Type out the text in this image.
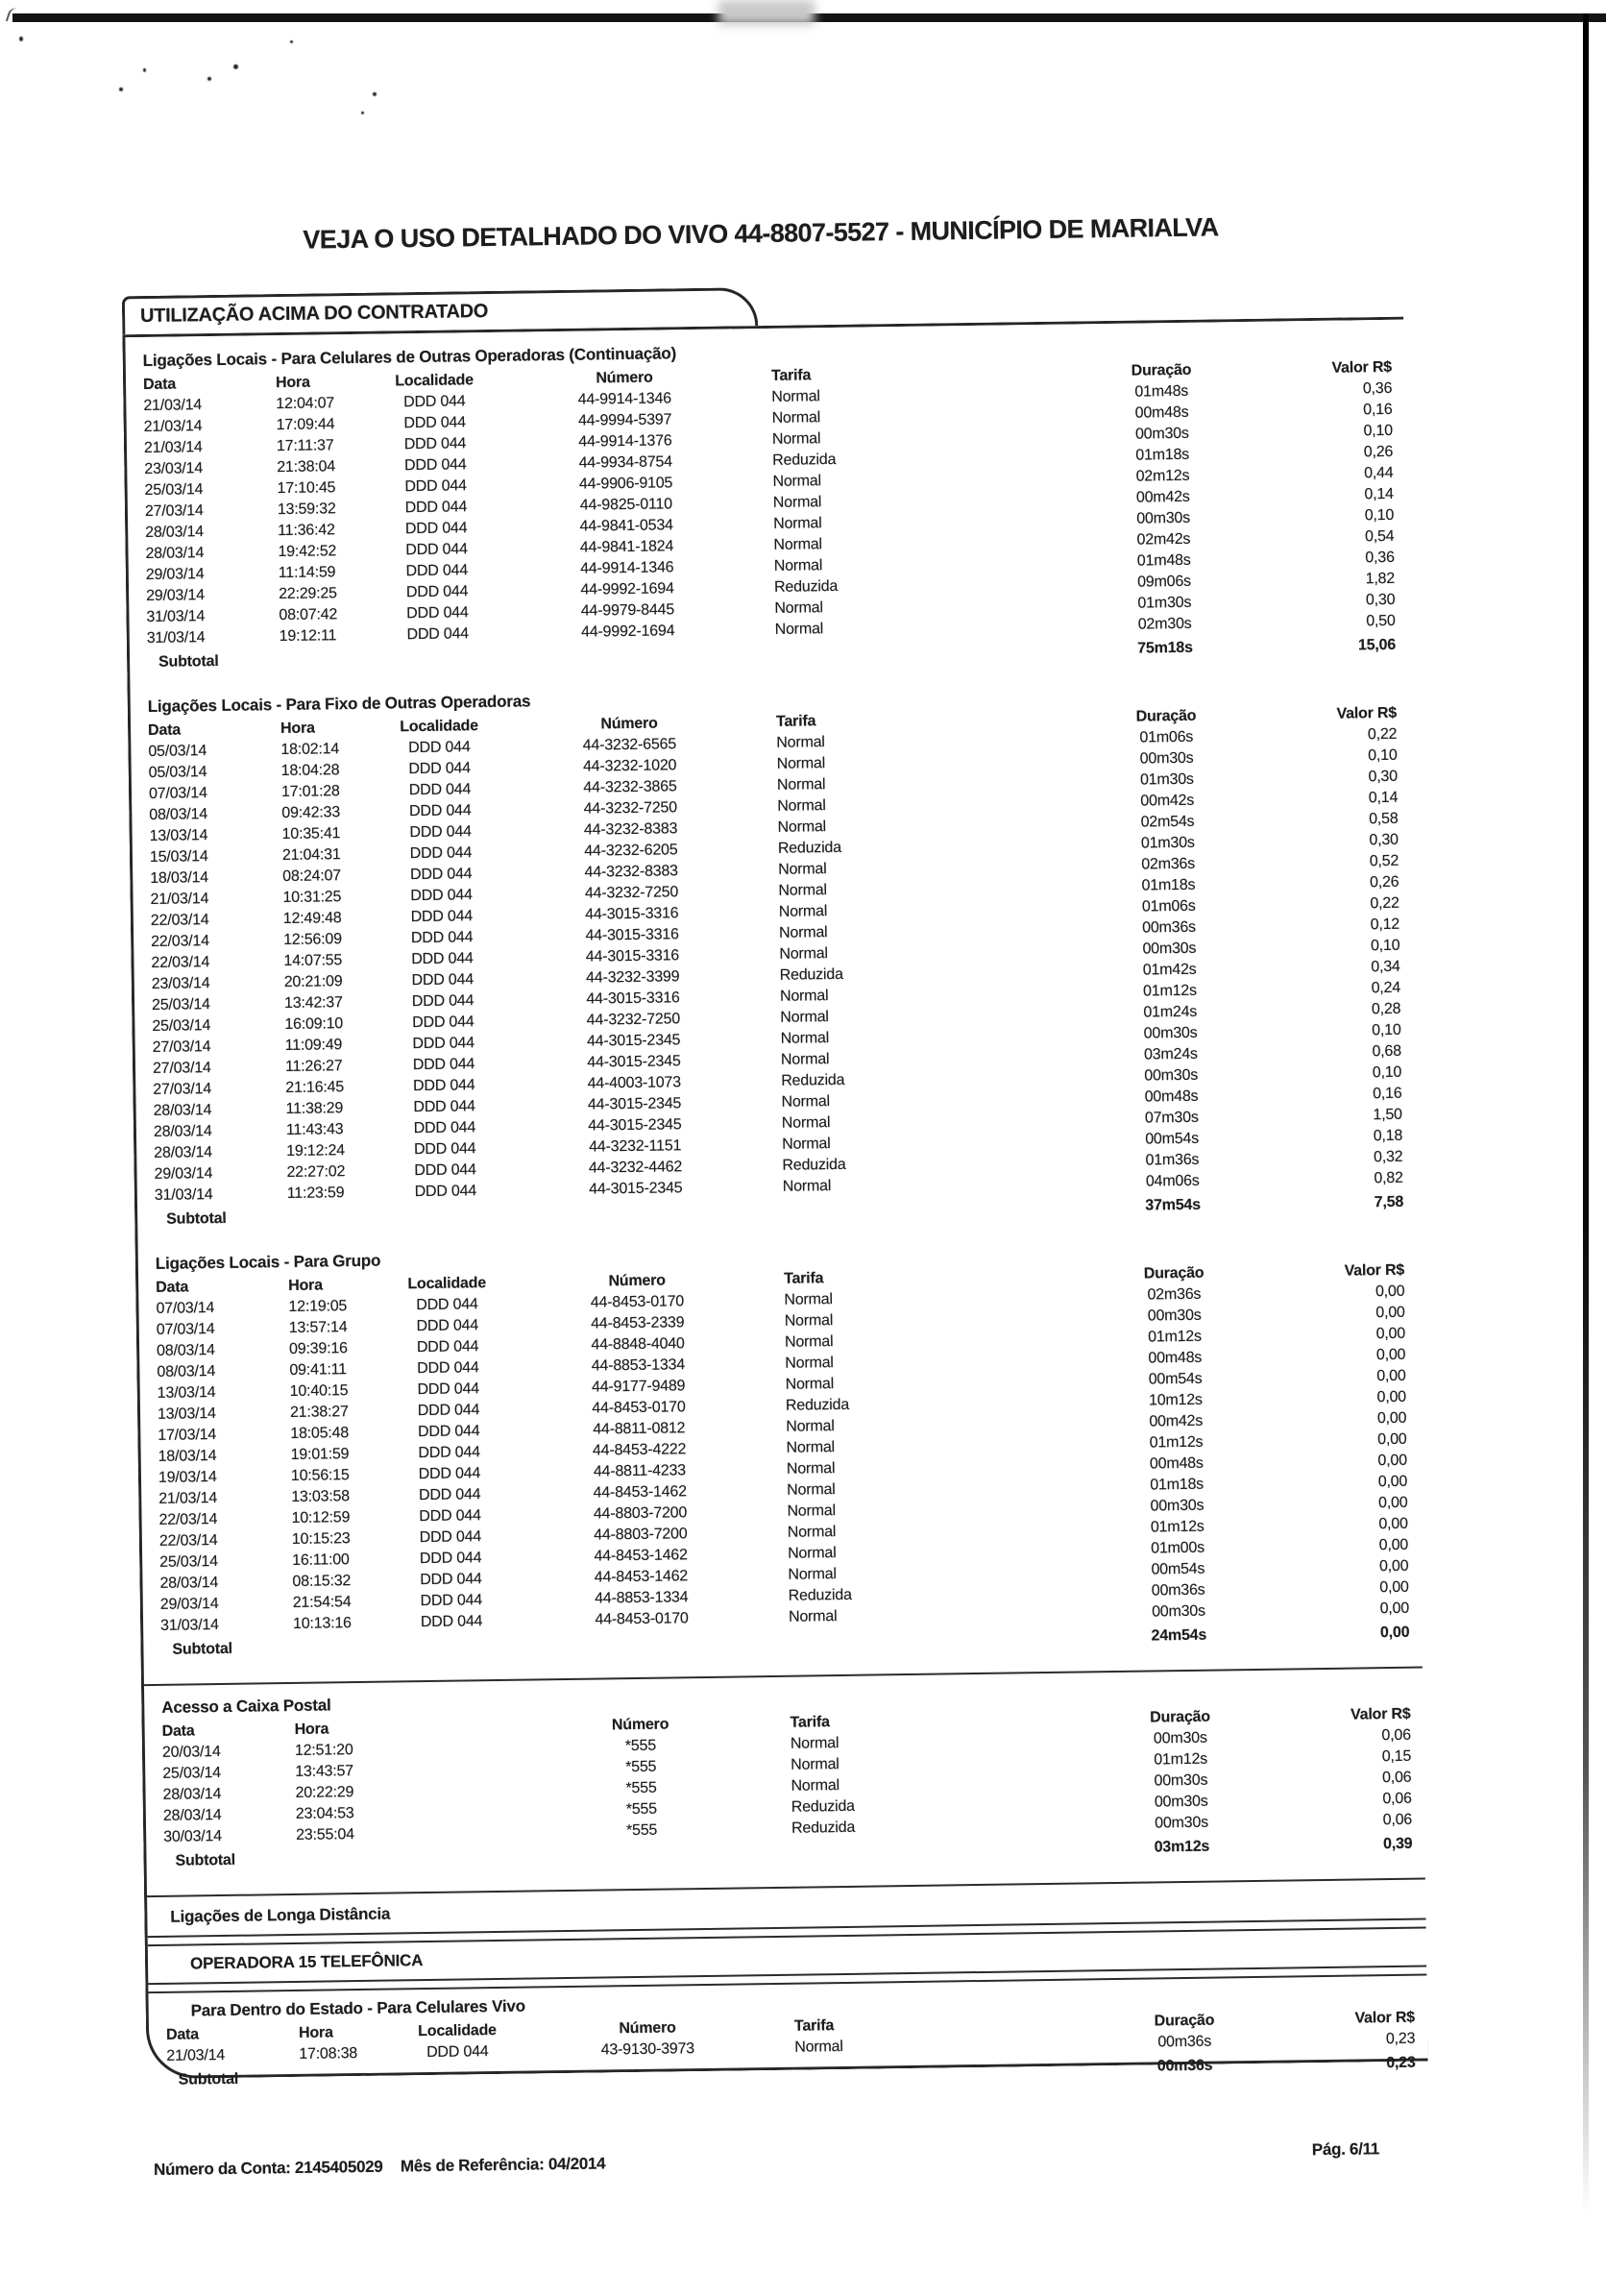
VEJA O USO DETALHADO DO VIVO 44-8807-5527 - MUNICÍPIO DE MARIALVA
UTILIZAÇÃO ACIMA DO CONTRATADO
Ligações Locais - Para Celulares de Outras Operadoras (Continuação)
Data	Hora	Localidade	Número	Tarifa	Duração	Valor R$
21/03/14	12:04:07	DDD 044	44-9914-1346	Normal	01m48s	0,36
21/03/14	17:09:44	DDD 044	44-9994-5397	Normal	00m48s	0,16
21/03/14	17:11:37	DDD 044	44-9914-1376	Normal	00m30s	0,10
23/03/14	21:38:04	DDD 044	44-9934-8754	Reduzida	01m18s	0,26
25/03/14	17:10:45	DDD 044	44-9906-9105	Normal	02m12s	0,44
27/03/14	13:59:32	DDD 044	44-9825-0110	Normal	00m42s	0,14
28/03/14	11:36:42	DDD 044	44-9841-0534	Normal	00m30s	0,10
28/03/14	19:42:52	DDD 044	44-9841-1824	Normal	02m42s	0,54
29/03/14	11:14:59	DDD 044	44-9914-1346	Normal	01m48s	0,36
29/03/14	22:29:25	DDD 044	44-9992-1694	Reduzida	09m06s	1,82
31/03/14	08:07:42	DDD 044	44-9979-8445	Normal	01m30s	0,30
31/03/14	19:12:11	DDD 044	44-9992-1694	Normal	02m30s	0,50
Subtotal
75m18s	15,06
Ligações Locais - Para Fixo de Outras Operadoras
Data	Hora	Localidade	Número	Tarifa	Duração	Valor R$
05/03/14	18:02:14	DDD 044	44-3232-6565	Normal	01m06s	0,22
05/03/14	18:04:28	DDD 044	44-3232-1020	Normal	00m30s	0,10
07/03/14	17:01:28	DDD 044	44-3232-3865	Normal	01m30s	0,30
08/03/14	09:42:33	DDD 044	44-3232-7250	Normal	00m42s	0,14
13/03/14	10:35:41	DDD 044	44-3232-8383	Normal	02m54s	0,58
15/03/14	21:04:31	DDD 044	44-3232-6205	Reduzida	01m30s	0,30
18/03/14	08:24:07	DDD 044	44-3232-8383	Normal	02m36s	0,52
21/03/14	10:31:25	DDD 044	44-3232-7250	Normal	01m18s	0,26
22/03/14	12:49:48	DDD 044	44-3015-3316	Normal	01m06s	0,22
22/03/14	12:56:09	DDD 044	44-3015-3316	Normal	00m36s	0,12
22/03/14	14:07:55	DDD 044	44-3015-3316	Normal	00m30s	0,10
23/03/14	20:21:09	DDD 044	44-3232-3399	Reduzida	01m42s	0,34
25/03/14	13:42:37	DDD 044	44-3015-3316	Normal	01m12s	0,24
25/03/14	16:09:10	DDD 044	44-3232-7250	Normal	01m24s	0,28
27/03/14	11:09:49	DDD 044	44-3015-2345	Normal	00m30s	0,10
27/03/14	11:26:27	DDD 044	44-3015-2345	Normal	03m24s	0,68
27/03/14	21:16:45	DDD 044	44-4003-1073	Reduzida	00m30s	0,10
28/03/14	11:38:29	DDD 044	44-3015-2345	Normal	00m48s	0,16
28/03/14	11:43:43	DDD 044	44-3015-2345	Normal	07m30s	1,50
28/03/14	19:12:24	DDD 044	44-3232-1151	Normal	00m54s	0,18
29/03/14	22:27:02	DDD 044	44-3232-4462	Reduzida	01m36s	0,32
31/03/14	11:23:59	DDD 044	44-3015-2345	Normal	04m06s	0,82
Subtotal
37m54s	7,58
Ligações Locais - Para Grupo
Data	Hora	Localidade	Número	Tarifa	Duração	Valor R$
07/03/14	12:19:05	DDD 044	44-8453-0170	Normal	02m36s	0,00
07/03/14	13:57:14	DDD 044	44-8453-2339	Normal	00m30s	0,00
08/03/14	09:39:16	DDD 044	44-8848-4040	Normal	01m12s	0,00
08/03/14	09:41:11	DDD 044	44-8853-1334	Normal	00m48s	0,00
13/03/14	10:40:15	DDD 044	44-9177-9489	Normal	00m54s	0,00
13/03/14	21:38:27	DDD 044	44-8453-0170	Reduzida	10m12s	0,00
17/03/14	18:05:48	DDD 044	44-8811-0812	Normal	00m42s	0,00
18/03/14	19:01:59	DDD 044	44-8453-4222	Normal	01m12s	0,00
19/03/14	10:56:15	DDD 044	44-8811-4233	Normal	00m48s	0,00
21/03/14	13:03:58	DDD 044	44-8453-1462	Normal	01m18s	0,00
22/03/14	10:12:59	DDD 044	44-8803-7200	Normal	00m30s	0,00
22/03/14	10:15:23	DDD 044	44-8803-7200	Normal	01m12s	0,00
25/03/14	16:11:00	DDD 044	44-8453-1462	Normal	01m00s	0,00
28/03/14	08:15:32	DDD 044	44-8453-1462	Normal	00m54s	0,00
29/03/14	21:54:54	DDD 044	44-8853-1334	Reduzida	00m36s	0,00
31/03/14	10:13:16	DDD 044	44-8453-0170	Normal	00m30s	0,00
Subtotal
24m54s	0,00
Acesso a Caixa Postal
Data	Hora	Número	Tarifa	Duração	Valor R$
20/03/14	12:51:20	*555	Normal	00m30s	0,06
25/03/14	13:43:57	*555	Normal	01m12s	0,15
28/03/14	20:22:29	*555	Normal	00m30s	0,06
28/03/14	23:04:53	*555	Reduzida	00m30s	0,06
30/03/14	23:55:04	*555	Reduzida	00m30s	0,06
Subtotal
03m12s	0,39
Ligações de Longa Distância
OPERADORA 15 TELEFÔNICA
Para Dentro do Estado - Para Celulares Vivo
Data	Hora	Localidade	Número	Tarifa	Duração	Valor R$
21/03/14	17:08:38	DDD 044	43-9130-3973	Normal	00m36s	0,23
Subtotal
00m36s	0,23
Número da Conta: 2145405029 Mês de Referência: 04/2014
Pág. 6/11
